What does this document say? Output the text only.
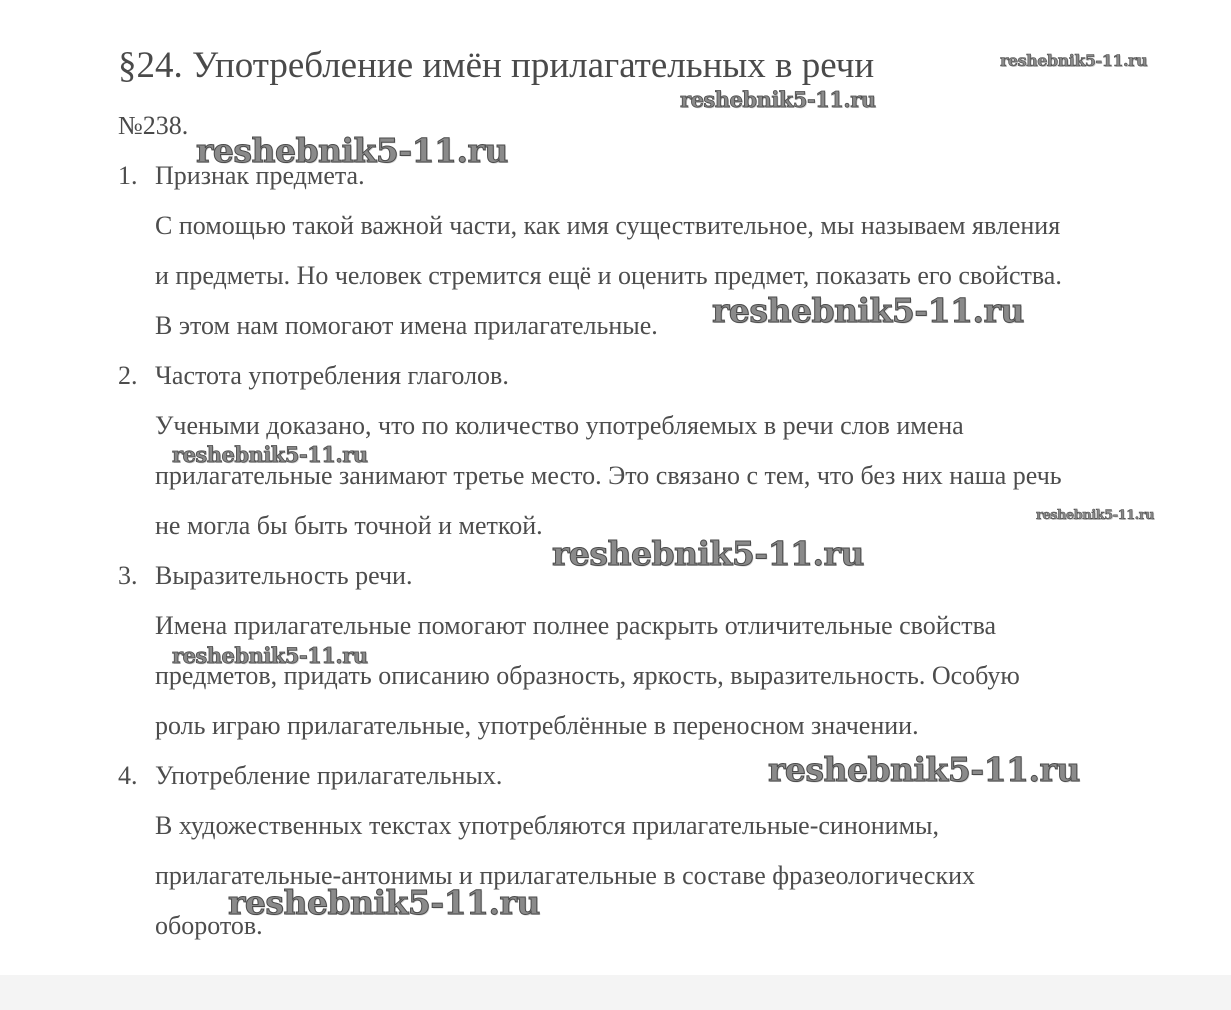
§24. Употребление имён прилагательных в речи
№238.
1. Признак предмета.
С помощью такой важной части, как имя существительное, мы называем явления
и предметы. Но человек стремится ещё и оценить предмет, показать его свойства.
В этом нам помогают имена прилагательные.
2. Частота употребления глаголов.
Учеными доказано, что по количество употребляемых в речи слов имена
прилагательные занимают третье место. Это связано с тем, что без них наша речь
не могла бы быть точной и меткой.
3. Выразительность речи.
Имена прилагательные помогают полнее раскрыть отличительные свойства
предметов, придать описанию образность, яркость, выразительность. Особую
роль играю прилагательные, употреблённые в переносном значении.
4. Употребление прилагательных.
В художественных текстах употребляются прилагательные-синонимы,
прилагательные-антонимы и прилагательные в составе фразеологических
оборотов.
reshebnik5-11.ru
reshebnik5-11.ru
reshebnik5-11.ru
reshebnik5-11.ru
reshebnik5-11.ru
reshebnik5-11.ru
reshebnik5-11.ru
reshebnik5-11.ru
reshebnik5-11.ru
reshebnik5-11.ru
